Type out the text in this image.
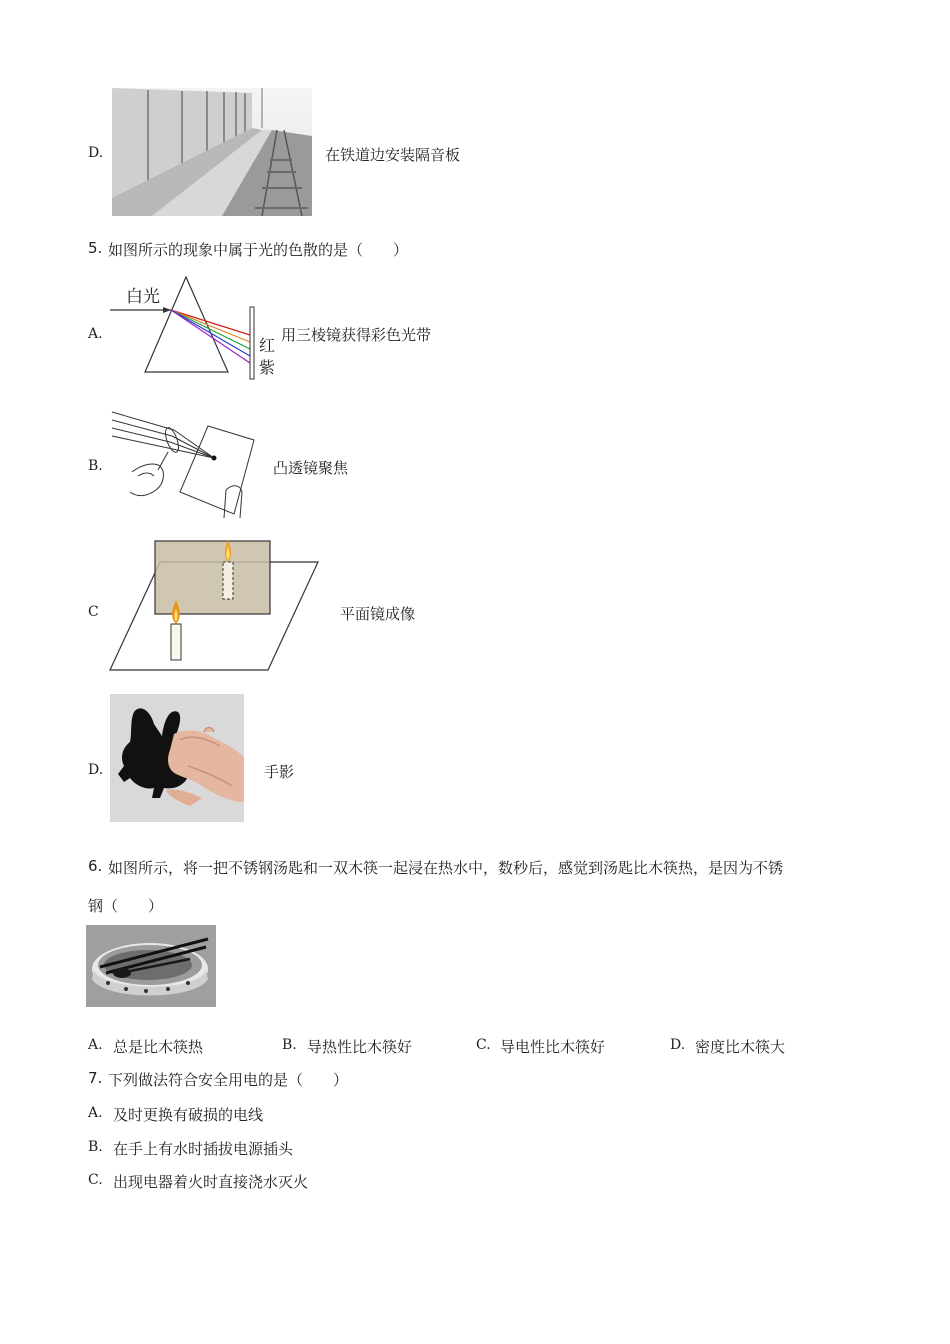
D.	在铁道边安装隔音板
5. 如图所示的现象中属于光的色散的是（　　）
A.
白光
红
紫
用三棱镜获得彩色光带
B.	凸透镜聚焦
C	平面镜成像
D.	手影
6. 如图所示，将一把不锈钢汤匙和一双木筷一起浸在热水中，数秒后，感觉到汤匙比木筷热，是因为不锈
钢（　　）
A. 总是比木筷热	B. 导热性比木筷好	C. 导电性比木筷好	D. 密度比木筷大
7. 下列做法符合安全用电的是（　　）
A. 及时更换有破损的电线
B. 在手上有水时插拔电源插头
C. 出现电器着火时直接浇水灭火
